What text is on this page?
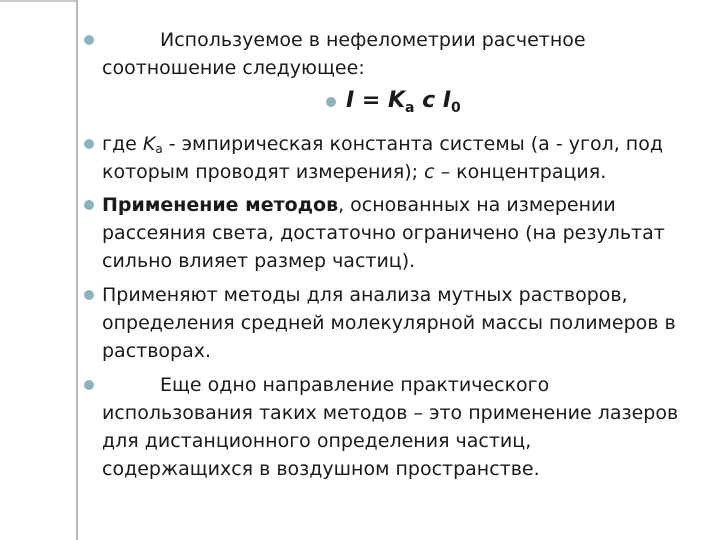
Используемое в нефелометрии расчетное
соотношение следующее:
$I = K_a$ c $I_0$
где Ka - эмпирическая константа системы (a - угол, под
которым проводят измерения); c – концентрация.
Применение методов, основанных на измерении
рассеяния света, достаточно ограничено (на результат
сильно влияет размер частиц).
Применяют методы для анализа мутных растворов,
определения средней молекулярной массы полимеров в
растворах.
Еще одно направление практического
использования таких методов – это применение лазеров
для дистанционного определения частиц,
содержащихся в воздушном пространстве.
